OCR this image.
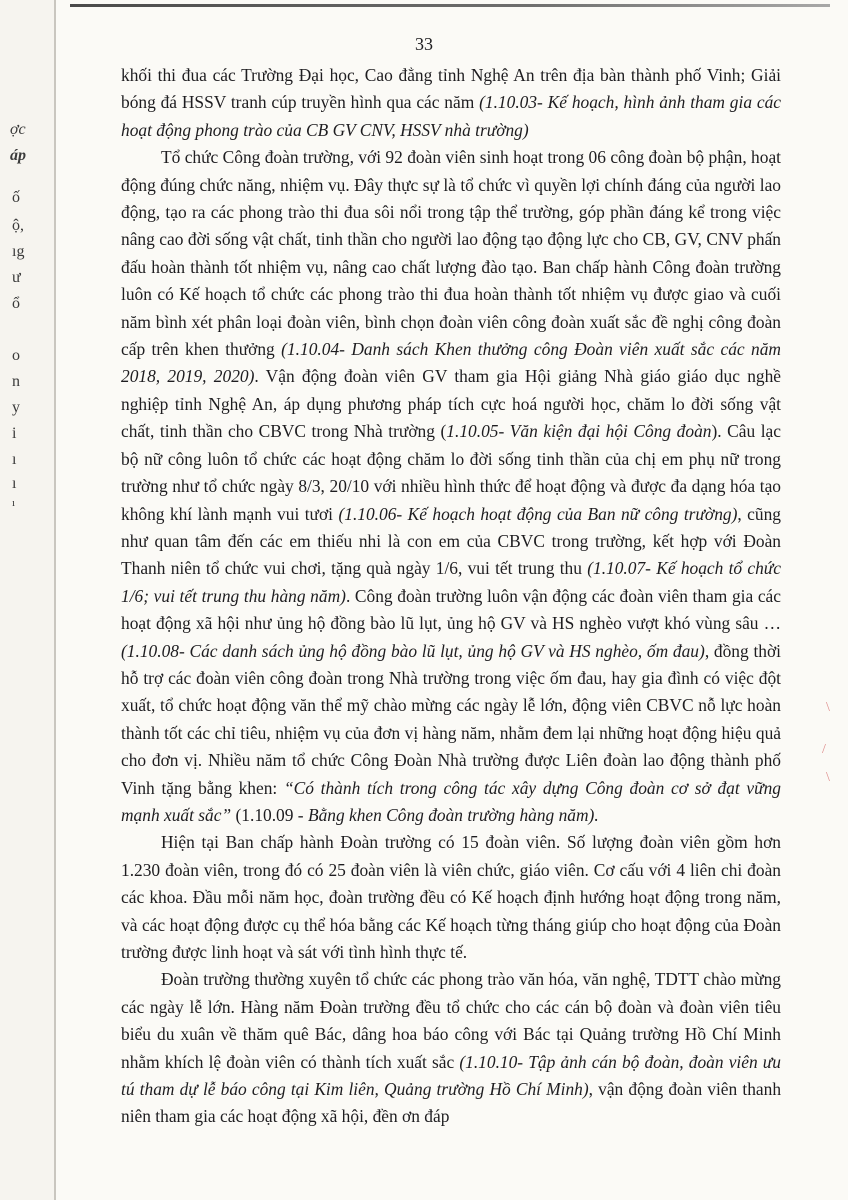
ợc
áp
ố
ộ,
ıg
ư
ổ
o
n
y
i
ı
ı
ı
33

khối thi đua các Trường Đại học, Cao đẳng tỉnh Nghệ An trên địa bàn thành phố Vinh; Giải bóng đá HSSV tranh cúp truyền hình qua các năm (1.10.03- Kế hoạch, hình ảnh tham gia các hoạt động phong trào của CB GV CNV, HSSV nhà trường)

Tổ chức Công đoàn trường, với 92 đoàn viên sinh hoạt trong 06 công đoàn bộ phận, hoạt động đúng chức năng, nhiệm vụ. Đây thực sự là tổ chức vì quyền lợi chính đáng của người lao động, tạo ra các phong trào thi đua sôi nổi trong tập thể trường, góp phần đáng kể trong việc nâng cao đời sống vật chất, tinh thần cho người lao động tạo động lực cho CB, GV, CNV phấn đấu hoàn thành tốt nhiệm vụ, nâng cao chất lượng đào tạo. Ban chấp hành Công đoàn trường luôn có Kế hoạch tổ chức các phong trào thi đua hoàn thành tốt nhiệm vụ được giao và cuối năm bình xét phân loại đoàn viên, bình chọn đoàn viên công đoàn xuất sắc đề nghị công đoàn cấp trên khen thưởng (1.10.04- Danh sách Khen thưởng công Đoàn viên xuất sắc các năm 2018, 2019, 2020). Vận động đoàn viên GV tham gia Hội giảng Nhà giáo giáo dục nghề nghiệp tỉnh Nghệ An, áp dụng phương pháp tích cực hoá người học, chăm lo đời sống vật chất, tinh thần cho CBVC trong Nhà trường (1.10.05- Văn kiện đại hội Công đoàn). Câu lạc bộ nữ công luôn tổ chức các hoạt động chăm lo đời sống tinh thần của chị em phụ nữ trong trường như tổ chức ngày 8/3, 20/10 với nhiều hình thức để hoạt động và được đa dạng hóa tạo không khí lành mạnh vui tươi (1.10.06- Kế hoạch hoạt động của Ban nữ công trường), cũng như quan tâm đến các em thiếu nhi là con em của CBVC trong trường, kết hợp với Đoàn Thanh niên tổ chức vui chơi, tặng quà ngày 1/6, vui tết trung thu (1.10.07- Kế hoạch tổ chức 1/6; vui tết trung thu hàng năm). Công đoàn trường luôn vận động các đoàn viên tham gia các hoạt động xã hội như ủng hộ đồng bào lũ lụt, ủng hộ GV và HS nghèo vượt khó vùng sâu … (1.10.08- Các danh sách ủng hộ đồng bào lũ lụt, ủng hộ GV và HS nghèo, ốm đau), đồng thời hỗ trợ các đoàn viên công đoàn trong Nhà trường trong việc ốm đau, hay gia đình có việc đột xuất, tổ chức hoạt động văn thể mỹ chào mừng các ngày lễ lớn, động viên CBVC nỗ lực hoàn thành tốt các chỉ tiêu, nhiệm vụ của đơn vị hàng năm, nhằm đem lại những hoạt động hiệu quả cho đơn vị. Nhiều năm tổ chức Công Đoàn Nhà trường được Liên đoàn lao động thành phố Vinh tặng bằng khen: “Có thành tích trong công tác xây dựng Công đoàn cơ sở đạt vững mạnh xuất sắc” (1.10.09 - Bằng khen Công đoàn trường hàng năm).

Hiện tại Ban chấp hành Đoàn trường có 15 đoàn viên. Số lượng đoàn viên gồm hơn 1.230 đoàn viên, trong đó có 25 đoàn viên là viên chức, giáo viên. Cơ cấu với 4 liên chi đoàn các khoa. Đầu mỗi năm học, đoàn trường đều có Kế hoạch định hướng hoạt động trong năm, và các hoạt động được cụ thể hóa bằng các Kế hoạch từng tháng giúp cho hoạt động của Đoàn trường được linh hoạt và sát với tình hình thực tế.

Đoàn trường thường xuyên tổ chức các phong trào văn hóa, văn nghệ, TDTT chào mừng các ngày lễ lớn. Hàng năm Đoàn trường đều tổ chức cho các cán bộ đoàn và đoàn viên tiêu biểu du xuân về thăm quê Bác, dâng hoa báo công với Bác tại Quảng trường Hồ Chí Minh nhằm khích lệ đoàn viên có thành tích xuất sắc (1.10.10- Tập ảnh cán bộ đoàn, đoàn viên ưu tú tham dự lễ báo công tại Kim liên, Quảng trường Hồ Chí Minh), vận động đoàn viên thanh niên tham gia các hoạt động xã hội, đền ơn đáp

\
/
\
